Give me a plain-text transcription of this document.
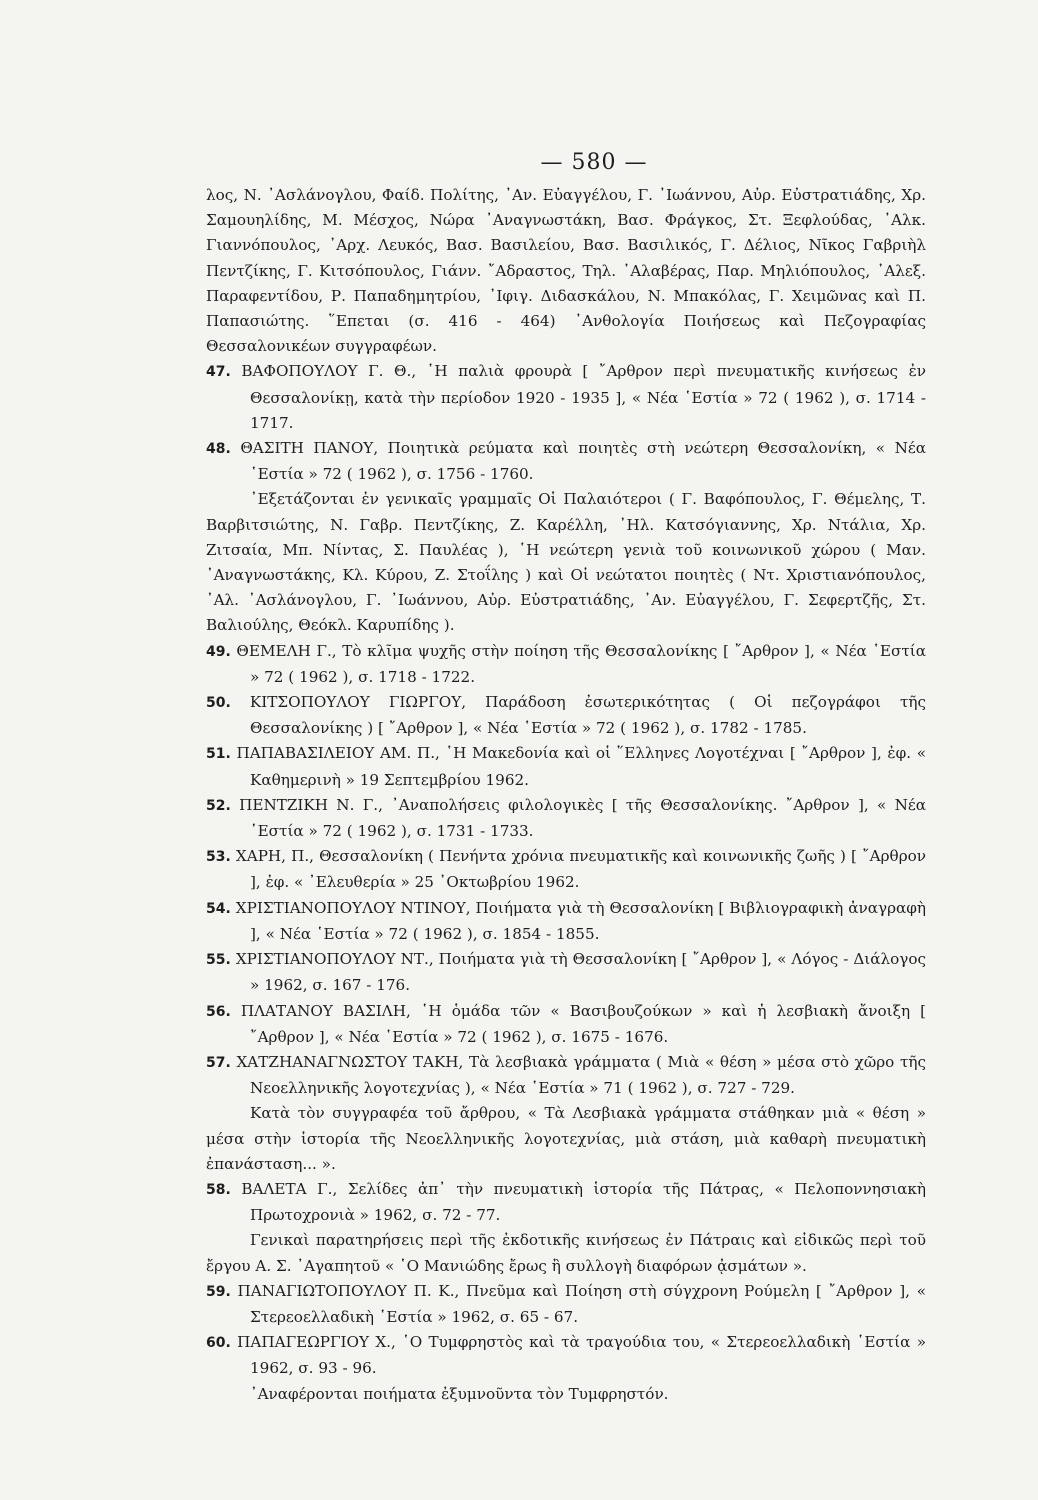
— 580 —

λος, Ν. ᾿Ασλάνογλου, Φαίδ. Πολίτης, ᾿Αν. Εὐαγγέλου, Γ. ᾿Ιωάννου, Αὐρ. Εὐστρατιάδης, Χρ. Σαμουηλίδης, Μ. Μέσχος, Νώρα ᾿Αναγνωστάκη, Βασ. Φράγκος, Στ. Ξεφλούδας, ᾿Αλκ. Γιαννόπουλος, ᾿Αρχ. Λευκός, Βασ. Βασιλείου, Βασ. Βασιλικός, Γ. Δέλιος, Νῖκος Γαβριὴλ Πεντζίκης, Γ. Κιτσόπουλος, Γιάνν. ῎Αδραστος, Τηλ. ᾿Αλαβέρας, Παρ. Μηλιόπουλος, ᾿Αλεξ. Παραφεντίδου, Ρ. Παπαδημητρίου, ᾿Ιφιγ. Διδασκάλου, Ν. Μπακόλας, Γ. Χειμῶνας καὶ Π. Παπασιώτης. ῞Επεται (σ. 416 - 464) ᾿Ανθολογία Ποιήσεως καὶ Πεζογραφίας Θεσσαλονικέων συγγραφέων.

47. ΒΑΦΟΠΟΥΛΟΥ Γ. Θ., ῾Η παλιὰ φρουρὰ [ ῎Αρθρον περὶ πνευματικῆς κινήσεως ἐν Θεσσαλονίκῃ, κατὰ τὴν περίοδον 1920 - 1935 ], « Νέα ῾Εστία » 72 ( 1962 ), σ. 1714 - 1717.

48. ΘΑΣΙΤΗ ΠΑΝΟΥ, Ποιητικὰ ρεύματα καὶ ποιητὲς στὴ νεώτερη Θεσσαλονίκη, « Νέα ῾Εστία » 72 ( 1962 ), σ. 1756 - 1760.

᾿Εξετάζονται ἐν γενικαῖς γραμμαῖς Οἱ Παλαιότεροι ( Γ. Βαφόπουλος, Γ. Θέμελης, Τ. Βαρβιτσιώτης, Ν. Γαβρ. Πεντζίκης, Ζ. Καρέλλη, ᾿Ηλ. Κατσόγιαννης, Χρ. Ντάλια, Χρ. Ζιτσαία, Μπ. Νίντας, Σ. Παυλέας ), ῾Η νεώτερη γενιὰ τοῦ κοινωνικοῦ χώρου ( Μαν. ᾿Αναγνωστάκης, Κλ. Κύρου, Ζ. Στοΐλης ) καὶ Οἱ νεώτατοι ποιητὲς ( Ντ. Χριστιανόπουλος, ᾿Αλ. ᾿Ασλάνογλου, Γ. ᾿Ιωάννου, Αὐρ. Εὐστρατιάδης, ᾿Αν. Εὐαγγέλου, Γ. Σεφερτζῆς, Στ. Βαλιούλης, Θεόκλ. Καρυπίδης ).

49. ΘΕΜΕΛΗ Γ., Τὸ κλῖμα ψυχῆς στὴν ποίηση τῆς Θεσσαλονίκης [ ῎Αρθρον ], « Νέα ῾Εστία » 72 ( 1962 ), σ. 1718 - 1722.

50. ΚΙΤΣΟΠΟΥΛΟΥ ΓΙΩΡΓΟΥ, Παράδοση ἐσωτερικότητας ( Οἱ πεζογράφοι τῆς Θεσσαλονίκης ) [ ῎Αρθρον ], « Νέα ῾Εστία » 72 ( 1962 ), σ. 1782 - 1785.

51. ΠΑΠΑΒΑΣΙΛΕΙΟΥ ΑΜ. Π., ῾Η Μακεδονία καὶ οἱ ῞Ελληνες Λογοτέχναι [ ῎Αρθρον ], ἐφ. « Καθημερινὴ » 19 Σεπτεμβρίου 1962.

52. ΠΕΝΤΖΙΚΗ Ν. Γ., ᾿Αναπολήσεις φιλολογικὲς [ τῆς Θεσσαλονίκης. ῎Αρθρον ], « Νέα ῾Εστία » 72 ( 1962 ), σ. 1731 - 1733.

53. ΧΑΡΗ, Π., Θεσσαλονίκη ( Πενήντα χρόνια πνευματικῆς καὶ κοινωνικῆς ζωῆς ) [ ῎Αρθρον ], ἐφ. « ᾿Ελευθερία » 25 ᾿Οκτωβρίου 1962.

54. ΧΡΙΣΤΙΑΝΟΠΟΥΛΟΥ ΝΤΙΝΟΥ, Ποιήματα γιὰ τὴ Θεσσαλονίκη [ Βιβλιογραφικὴ ἀναγραφὴ ], « Νέα ῾Εστία » 72 ( 1962 ), σ. 1854 - 1855.

55. ΧΡΙΣΤΙΑΝΟΠΟΥΛΟΥ ΝΤ., Ποιήματα γιὰ τὴ Θεσσαλονίκη [ ῎Αρθρον ], « Λόγος - Διάλογος » 1962, σ. 167 - 176.

56. ΠΛΑΤΑΝΟΥ ΒΑΣΙΛΗ, ῾Η ὁμάδα τῶν « Βασιβουζούκων » καὶ ἡ λεσβιακὴ ἄνοιξη [ ῎Αρθρον ], « Νέα ῾Εστία » 72 ( 1962 ), σ. 1675 - 1676.

57. ΧΑΤΖΗΑΝΑΓΝΩΣΤΟΥ ΤΑΚΗ, Τὰ λεσβιακὰ γράμματα ( Μιὰ « θέση » μέσα στὸ χῶρο τῆς Νεοελληνικῆς λογοτεχνίας ), « Νέα ῾Εστία » 71 ( 1962 ), σ. 727 - 729.

Κατὰ τὸν συγγραφέα τοῦ ἄρθρου, « Τὰ Λεσβιακὰ γράμματα στάθηκαν μιὰ « θέση » μέσα στὴν ἱστορία τῆς Νεοελληνικῆς λογοτεχνίας, μιὰ στάση, μιὰ καθαρὴ πνευματικὴ ἐπανάσταση... ».

58. ΒΑΛΕΤΑ Γ., Σελίδες ἀπ᾿ τὴν πνευματικὴ ἱστορία τῆς Πάτρας, « Πελοποννησιακὴ Πρωτοχρονιὰ » 1962, σ. 72 - 77.

Γενικαὶ παρατηρήσεις περὶ τῆς ἐκδοτικῆς κινήσεως ἐν Πάτραις καὶ εἰδικῶς περὶ τοῦ ἔργου Α. Σ. ᾿Αγαπητοῦ « ῾Ο Μανιώδης ἔρως ἢ συλλογὴ διαφόρων ᾀσμάτων ».

59. ΠΑΝΑΓΙΩΤΟΠΟΥΛΟΥ Π. Κ., Πνεῦμα καὶ Ποίηση στὴ σύγχρονη Ρούμελη [ ῎Αρθρον ], « Στερεοελλαδικὴ ῾Εστία » 1962, σ. 65 - 67.

60. ΠΑΠΑΓΕΩΡΓΙΟΥ Χ., ῾Ο Τυμφρηστὸς καὶ τὰ τραγούδια του, « Στερεοελλαδικὴ ῾Εστία » 1962, σ. 93 - 96.

᾿Αναφέρονται ποιήματα ἐξυμνοῦντα τὸν Τυμφρηστόν.
